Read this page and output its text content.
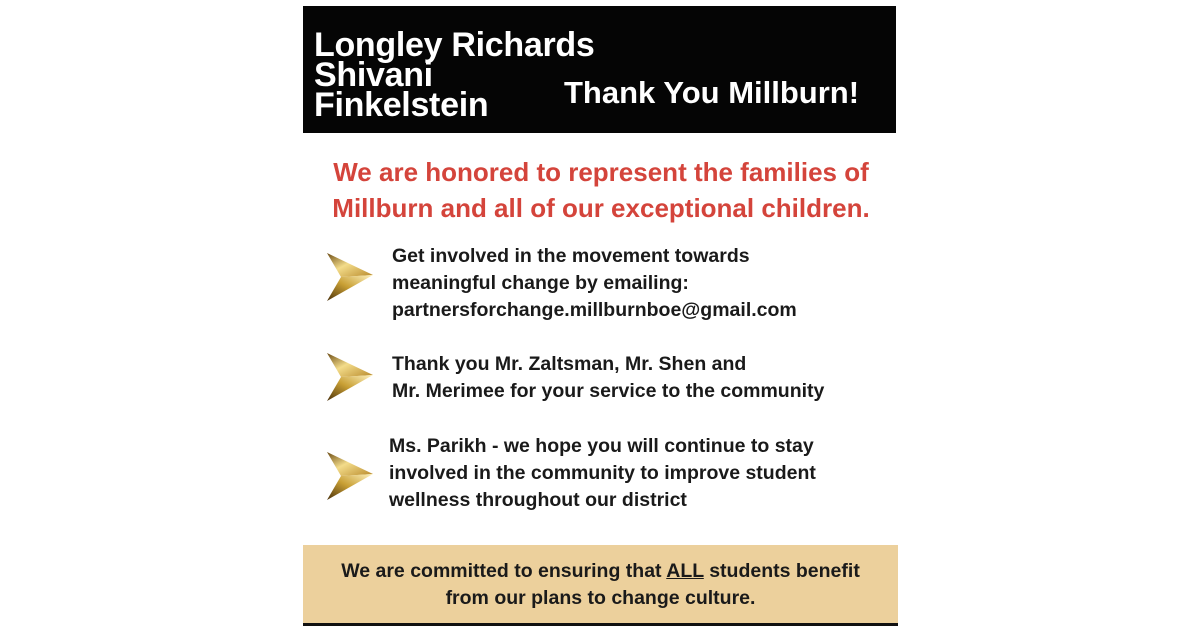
Longley Richards
Shivani
Finkelstein	Thank You Millburn!
We are honored to represent the families of
Millburn and all of our exceptional children.
Get involved in the movement towards
meaningful change by emailing:
partnersforchange.millburnboe@gmail.com
Thank you Mr. Zaltsman, Mr. Shen and
Mr. Merimee for your service to the community
Ms. Parikh - we hope you will continue to stay
involved in the community to improve student
wellness throughout our district
We are committed to ensuring that ALL students benefit
from our plans to change culture.
